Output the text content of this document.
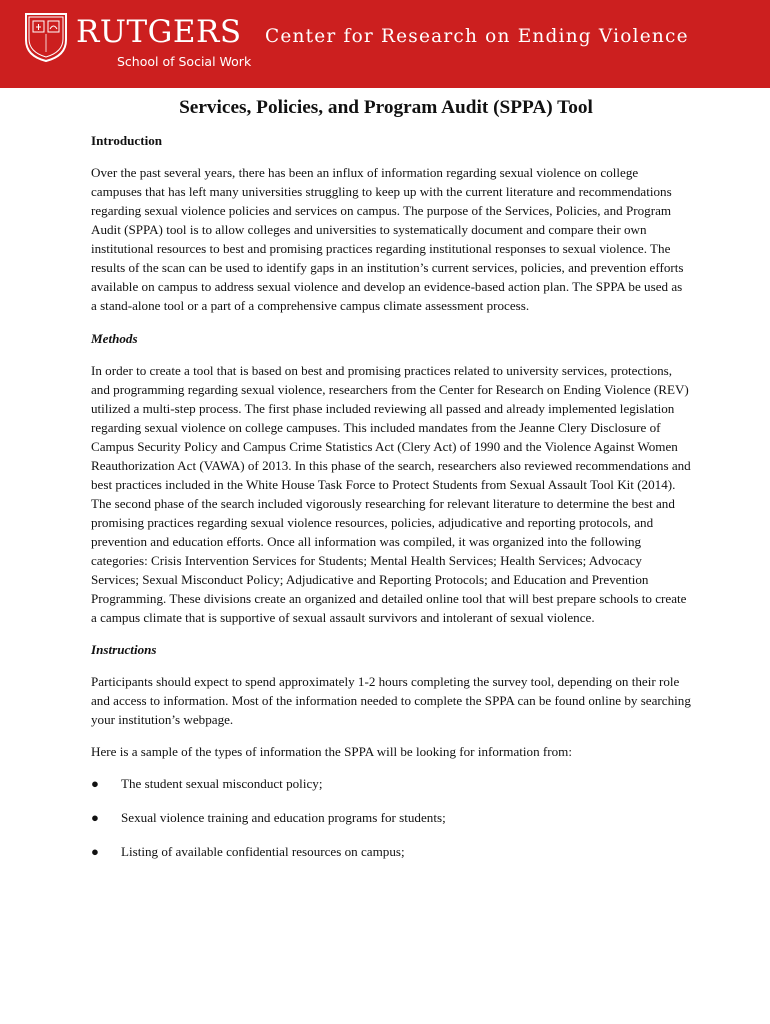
RUTGERS
School of Social Work
Center for Research on Ending Violence
Services, Policies, and Program Audit (SPPA) Tool
Introduction

Over the past several years, there has been an influx of information regarding sexual violence on college campuses that has left many universities struggling to keep up with the current literature and recommendations regarding sexual violence policies and services on campus. The purpose of the Services, Policies, and Program Audit (SPPA) tool is to allow colleges and universities to systematically document and compare their own institutional resources to best and promising practices regarding institutional responses to sexual violence. The results of the scan can be used to identify gaps in an institution’s current services, policies, and prevention efforts available on campus to address sexual violence and develop an evidence-based action plan. The SPPA be used as a stand-alone tool or a part of a comprehensive campus climate assessment process.

Methods

In order to create a tool that is based on best and promising practices related to university services, protections, and programming regarding sexual violence, researchers from the Center for Research on Ending Violence (REV) utilized a multi-step process. The first phase included reviewing all passed and already implemented legislation regarding sexual violence on college campuses. This included mandates from the Jeanne Clery Disclosure of Campus Security Policy and Campus Crime Statistics Act (Clery Act) of 1990 and the Violence Against Women Reauthorization Act (VAWA) of 2013. In this phase of the search, researchers also reviewed recommendations and best practices included in the White House Task Force to Protect Students from Sexual Assault Tool Kit (2014). The second phase of the search included vigorously researching for relevant literature to determine the best and promising practices regarding sexual violence resources, policies, adjudicative and reporting protocols, and prevention and education efforts. Once all information was compiled, it was organized into the following categories: Crisis Intervention Services for Students; Mental Health Services; Health Services; Advocacy Services; Sexual Misconduct Policy; Adjudicative and Reporting Protocols; and Education and Prevention Programming. These divisions create an organized and detailed online tool that will best prepare schools to create a campus climate that is supportive of sexual assault survivors and intolerant of sexual violence.

Instructions

Participants should expect to spend approximately 1-2 hours completing the survey tool, depending on their role and access to information. Most of the information needed to complete the SPPA can be found online by searching your institution’s webpage.

Here is a sample of the types of information the SPPA will be looking for information from:

● The student sexual misconduct policy;
● Sexual violence training and education programs for students;
● Listing of available confidential resources on campus;
